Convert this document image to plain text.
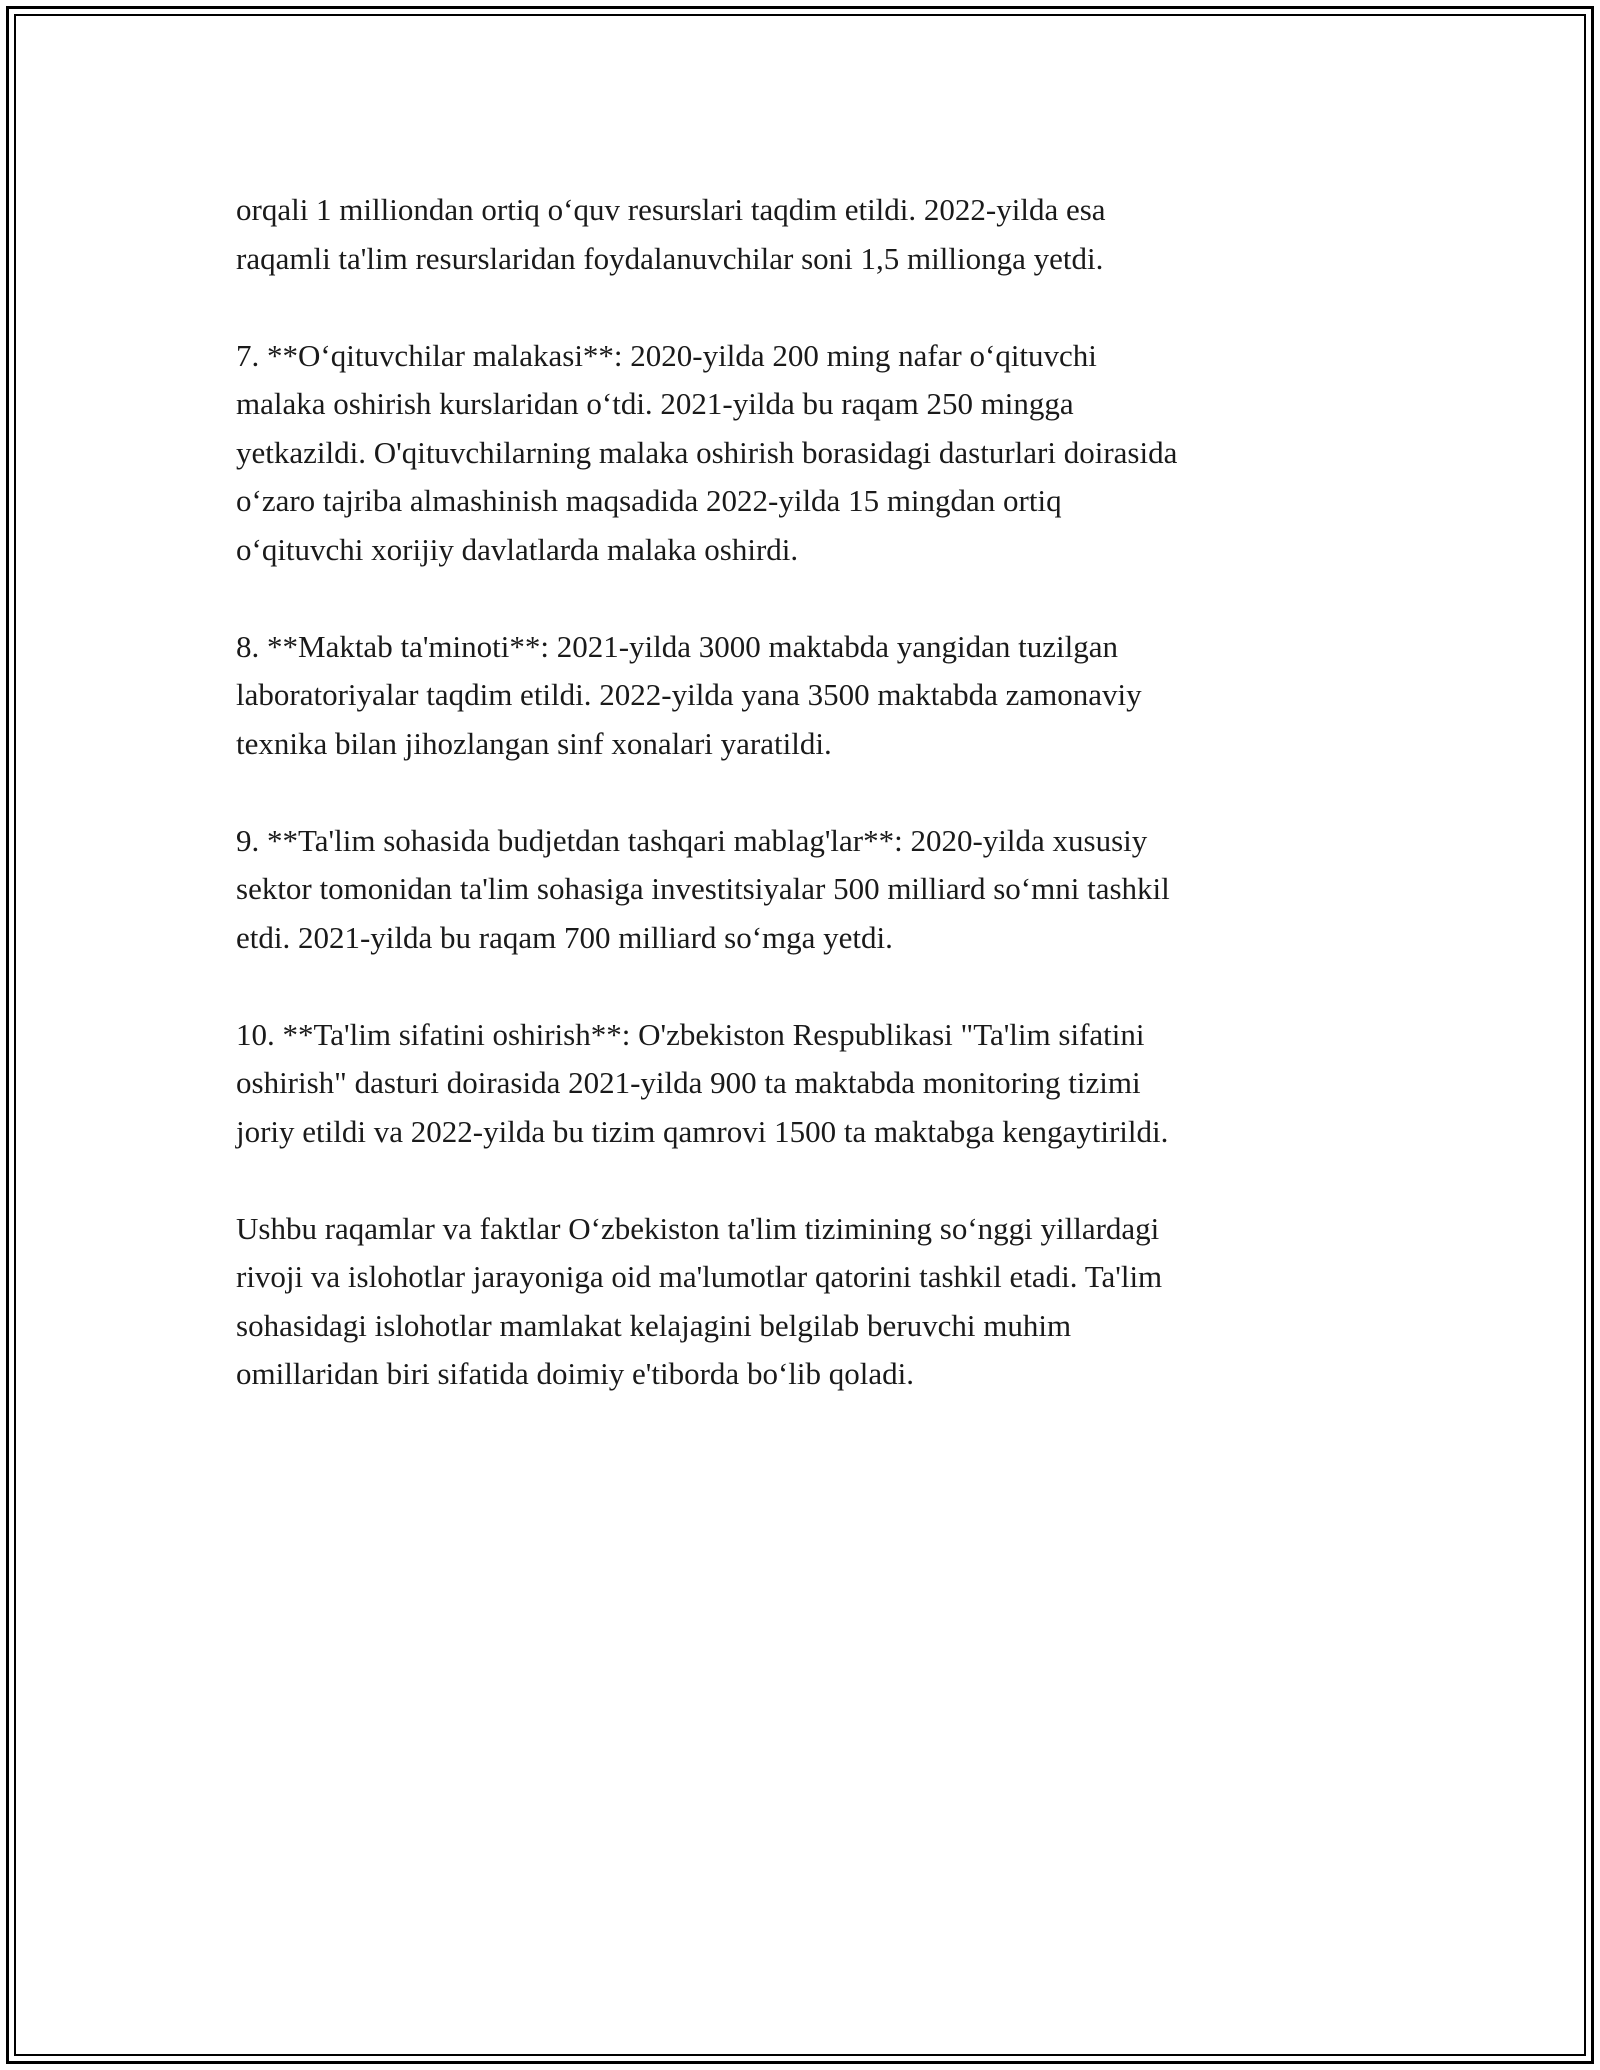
orqali 1 milliondan ortiq o‘quv resurslari taqdim etildi. 2022-yilda esa
raqamli ta'lim resurslaridan foydalanuvchilar soni 1,5 millionga yetdi.

7. **O‘qituvchilar malakasi**: 2020-yilda 200 ming nafar o‘qituvchi
malaka oshirish kurslaridan o‘tdi. 2021-yilda bu raqam 250 mingga
yetkazildi. O'qituvchilarning malaka oshirish borasidagi dasturlari doirasida
o‘zaro tajriba almashinish maqsadida 2022-yilda 15 mingdan ortiq
o‘qituvchi xorijiy davlatlarda malaka oshirdi.

8. **Maktab ta'minoti**: 2021-yilda 3000 maktabda yangidan tuzilgan
laboratoriyalar taqdim etildi. 2022-yilda yana 3500 maktabda zamonaviy
texnika bilan jihozlangan sinf xonalari yaratildi.

9. **Ta'lim sohasida budjetdan tashqari mablag'lar**: 2020-yilda xususiy
sektor tomonidan ta'lim sohasiga investitsiyalar 500 milliard so‘mni tashkil
etdi. 2021-yilda bu raqam 700 milliard so‘mga yetdi.

10. **Ta'lim sifatini oshirish**: O'zbekiston Respublikasi "Ta'lim sifatini
oshirish" dasturi doirasida 2021-yilda 900 ta maktabda monitoring tizimi
joriy etildi va 2022-yilda bu tizim qamrovi 1500 ta maktabga kengaytirildi.

Ushbu raqamlar va faktlar O‘zbekiston ta'lim tizimining so‘nggi yillardagi
rivoji va islohotlar jarayoniga oid ma'lumotlar qatorini tashkil etadi. Ta'lim
sohasidagi islohotlar mamlakat kelajagini belgilab beruvchi muhim
omillaridan biri sifatida doimiy e'tiborda bo‘lib qoladi.
